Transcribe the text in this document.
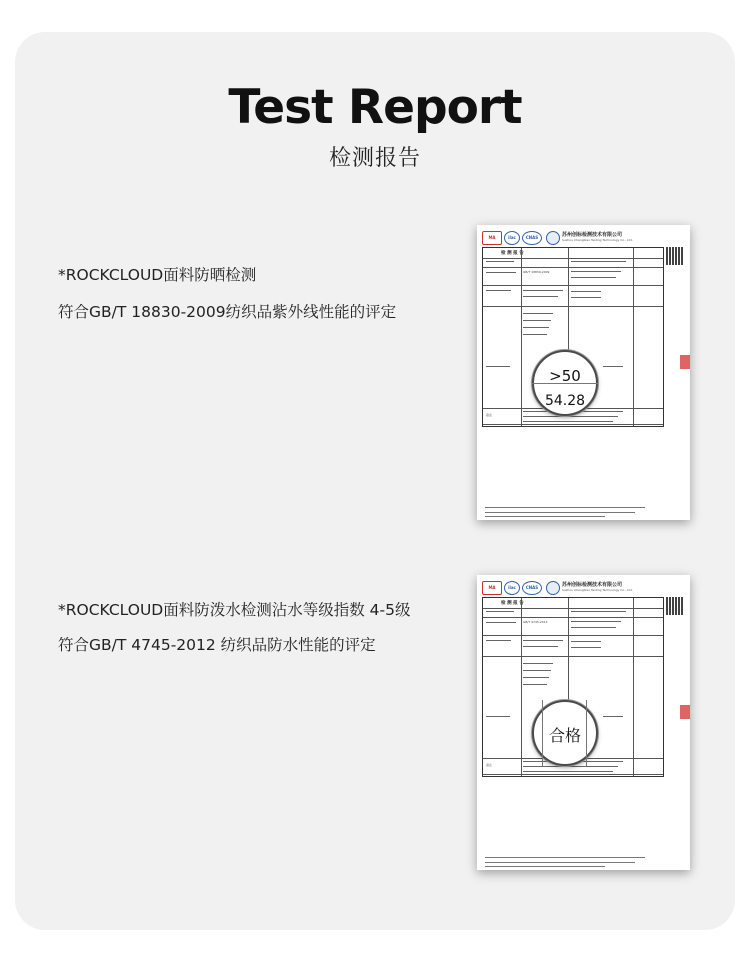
Test Report
检测报告
*ROCKCLOUD面料防晒检测
符合GB/T 18830-2009纺织品紫外线性能的评定
MA	ilac	CNAS	苏州创标检测技术有限公司
Suzhou Changbiao Testing Technology Co., Ltd.
检 测 报 告
GB/T 18830-2009
备注
>50
54.28
*ROCKCLOUD面料防泼水检测沾水等级指数 4-5级
符合GB/T 4745-2012 纺织品防水性能的评定
MA	ilac	CNAS	苏州创标检测技术有限公司
Suzhou Changbiao Testing Technology Co., Ltd.
检 测 报 告
GB/T 4745-2012
备注
合格
